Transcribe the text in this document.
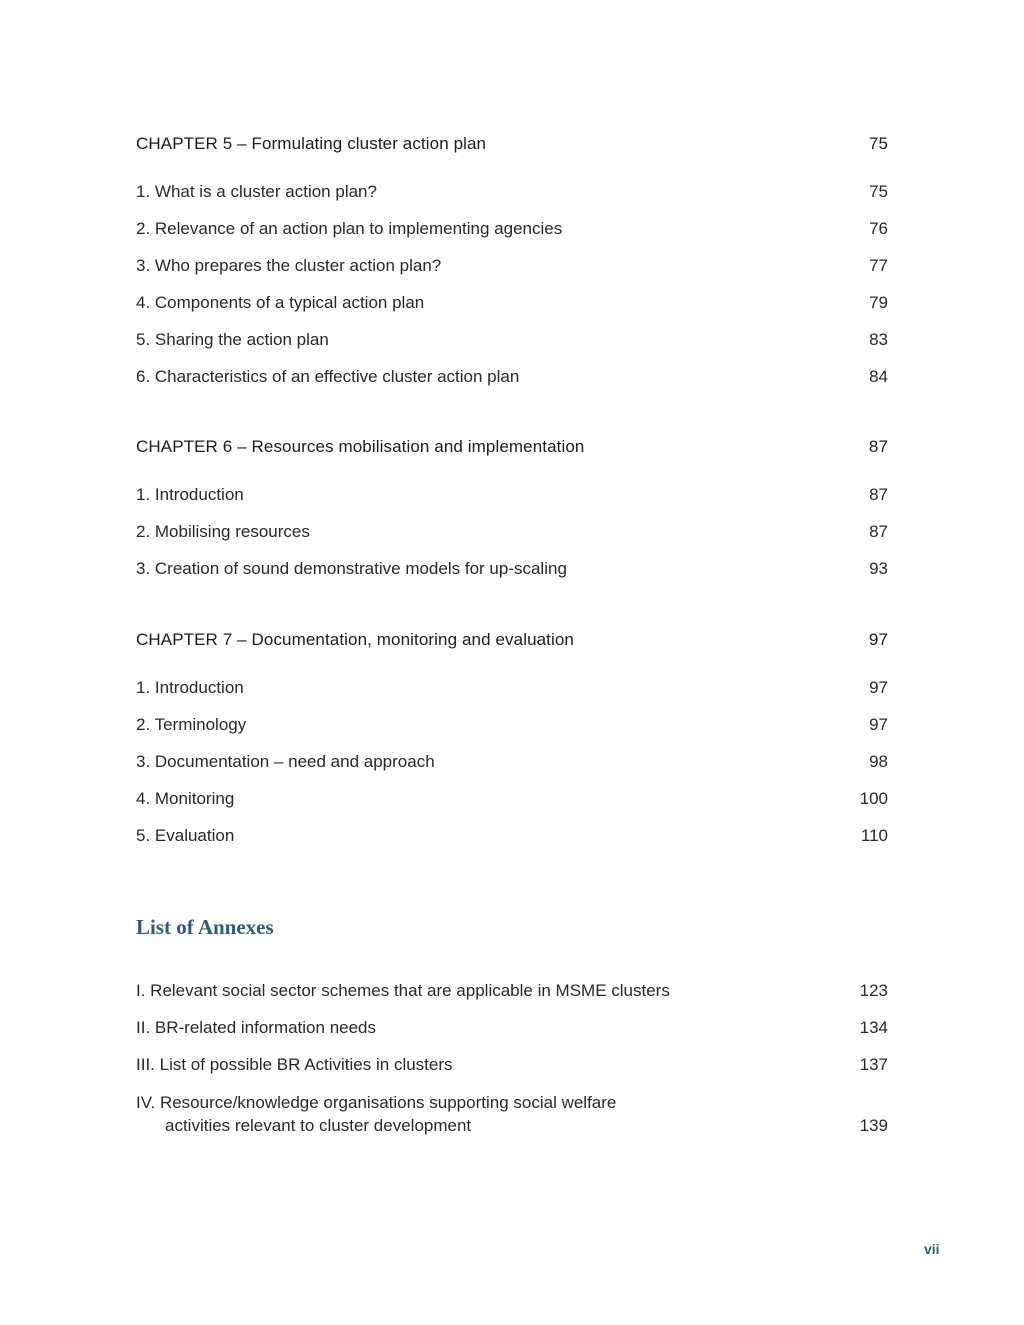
CHAPTER 5 – Formulating cluster action plan	75
1. What is a cluster action plan?	75
2. Relevance of an action plan to implementing agencies	76
3. Who prepares the cluster action plan?	77
4. Components of a typical action plan	79
5. Sharing the action plan	83
6. Characteristics of an effective cluster action plan	84
CHAPTER 6 – Resources mobilisation and implementation	87
1. Introduction	87
2. Mobilising resources	87
3. Creation of sound demonstrative models for up-scaling	93
CHAPTER 7 – Documentation, monitoring and evaluation	97
1. Introduction	97
2. Terminology	97
3. Documentation – need and approach	98
4. Monitoring	100
5. Evaluation	110
List of Annexes
I. Relevant social sector schemes that are applicable in MSME clusters	123
II. BR-related information needs	134
III. List of possible BR Activities in clusters	137
IV. Resource/knowledge organisations supporting social welfare
activities relevant to cluster development	139
vii
